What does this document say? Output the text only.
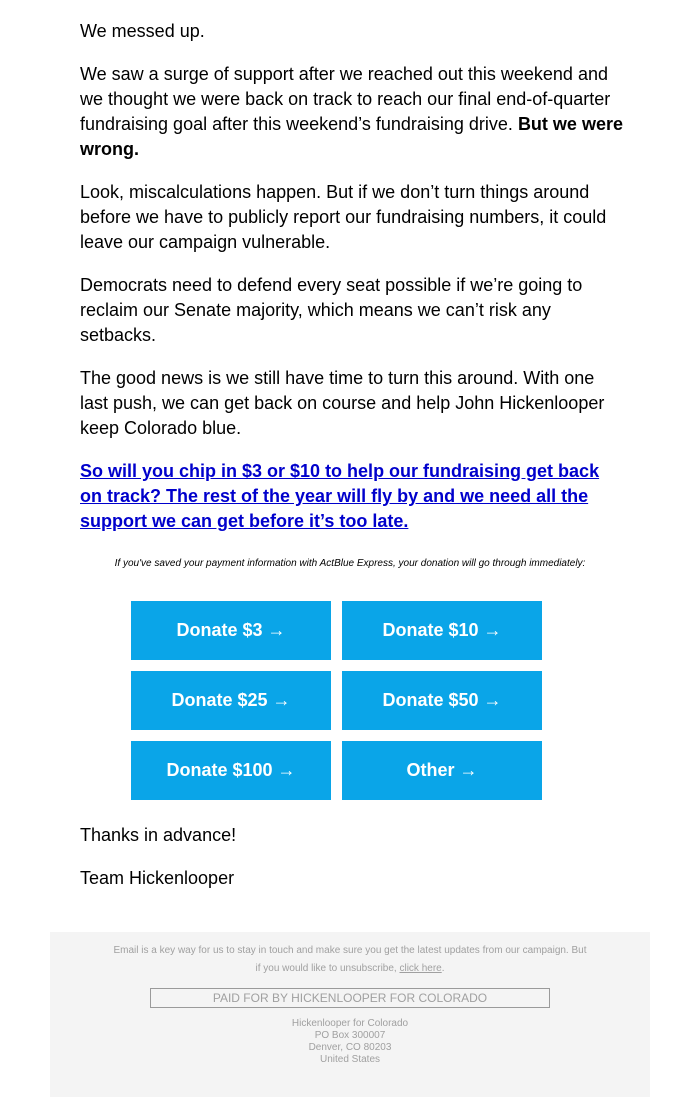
We messed up.

We saw a surge of support after we reached out this weekend and we thought we were back on track to reach our final end-of-quarter fundraising goal after this weekend’s fundraising drive. But we were wrong.

Look, miscalculations happen. But if we don’t turn things around before we have to publicly report our fundraising numbers, it could leave our campaign vulnerable.

Democrats need to defend every seat possible if we’re going to reclaim our Senate majority, which means we can’t risk any setbacks.

The good news is we still have time to turn this around. With one last push, we can get back on course and help John Hickenlooper keep Colorado blue.

So will you chip in $3 or $10 to help our fundraising get back on track? The rest of the year will fly by and we need all the support we can get before it’s too late.

Thanks in advance!

Team Hickenlooper

If you've saved your payment information with ActBlue Express, your donation will go through immediately:
Donate $3 →	Donate $10 →
Donate $25 →	Donate $50 →
Donate $100 →	Other →
Email is a key way for us to stay in touch and make sure you get the latest updates from our campaign. But if you would like to unsubscribe, click here.
PAID FOR BY HICKENLOOPER FOR COLORADO
Hickenlooper for Colorado
PO Box 300007
Denver, CO 80203
United States
